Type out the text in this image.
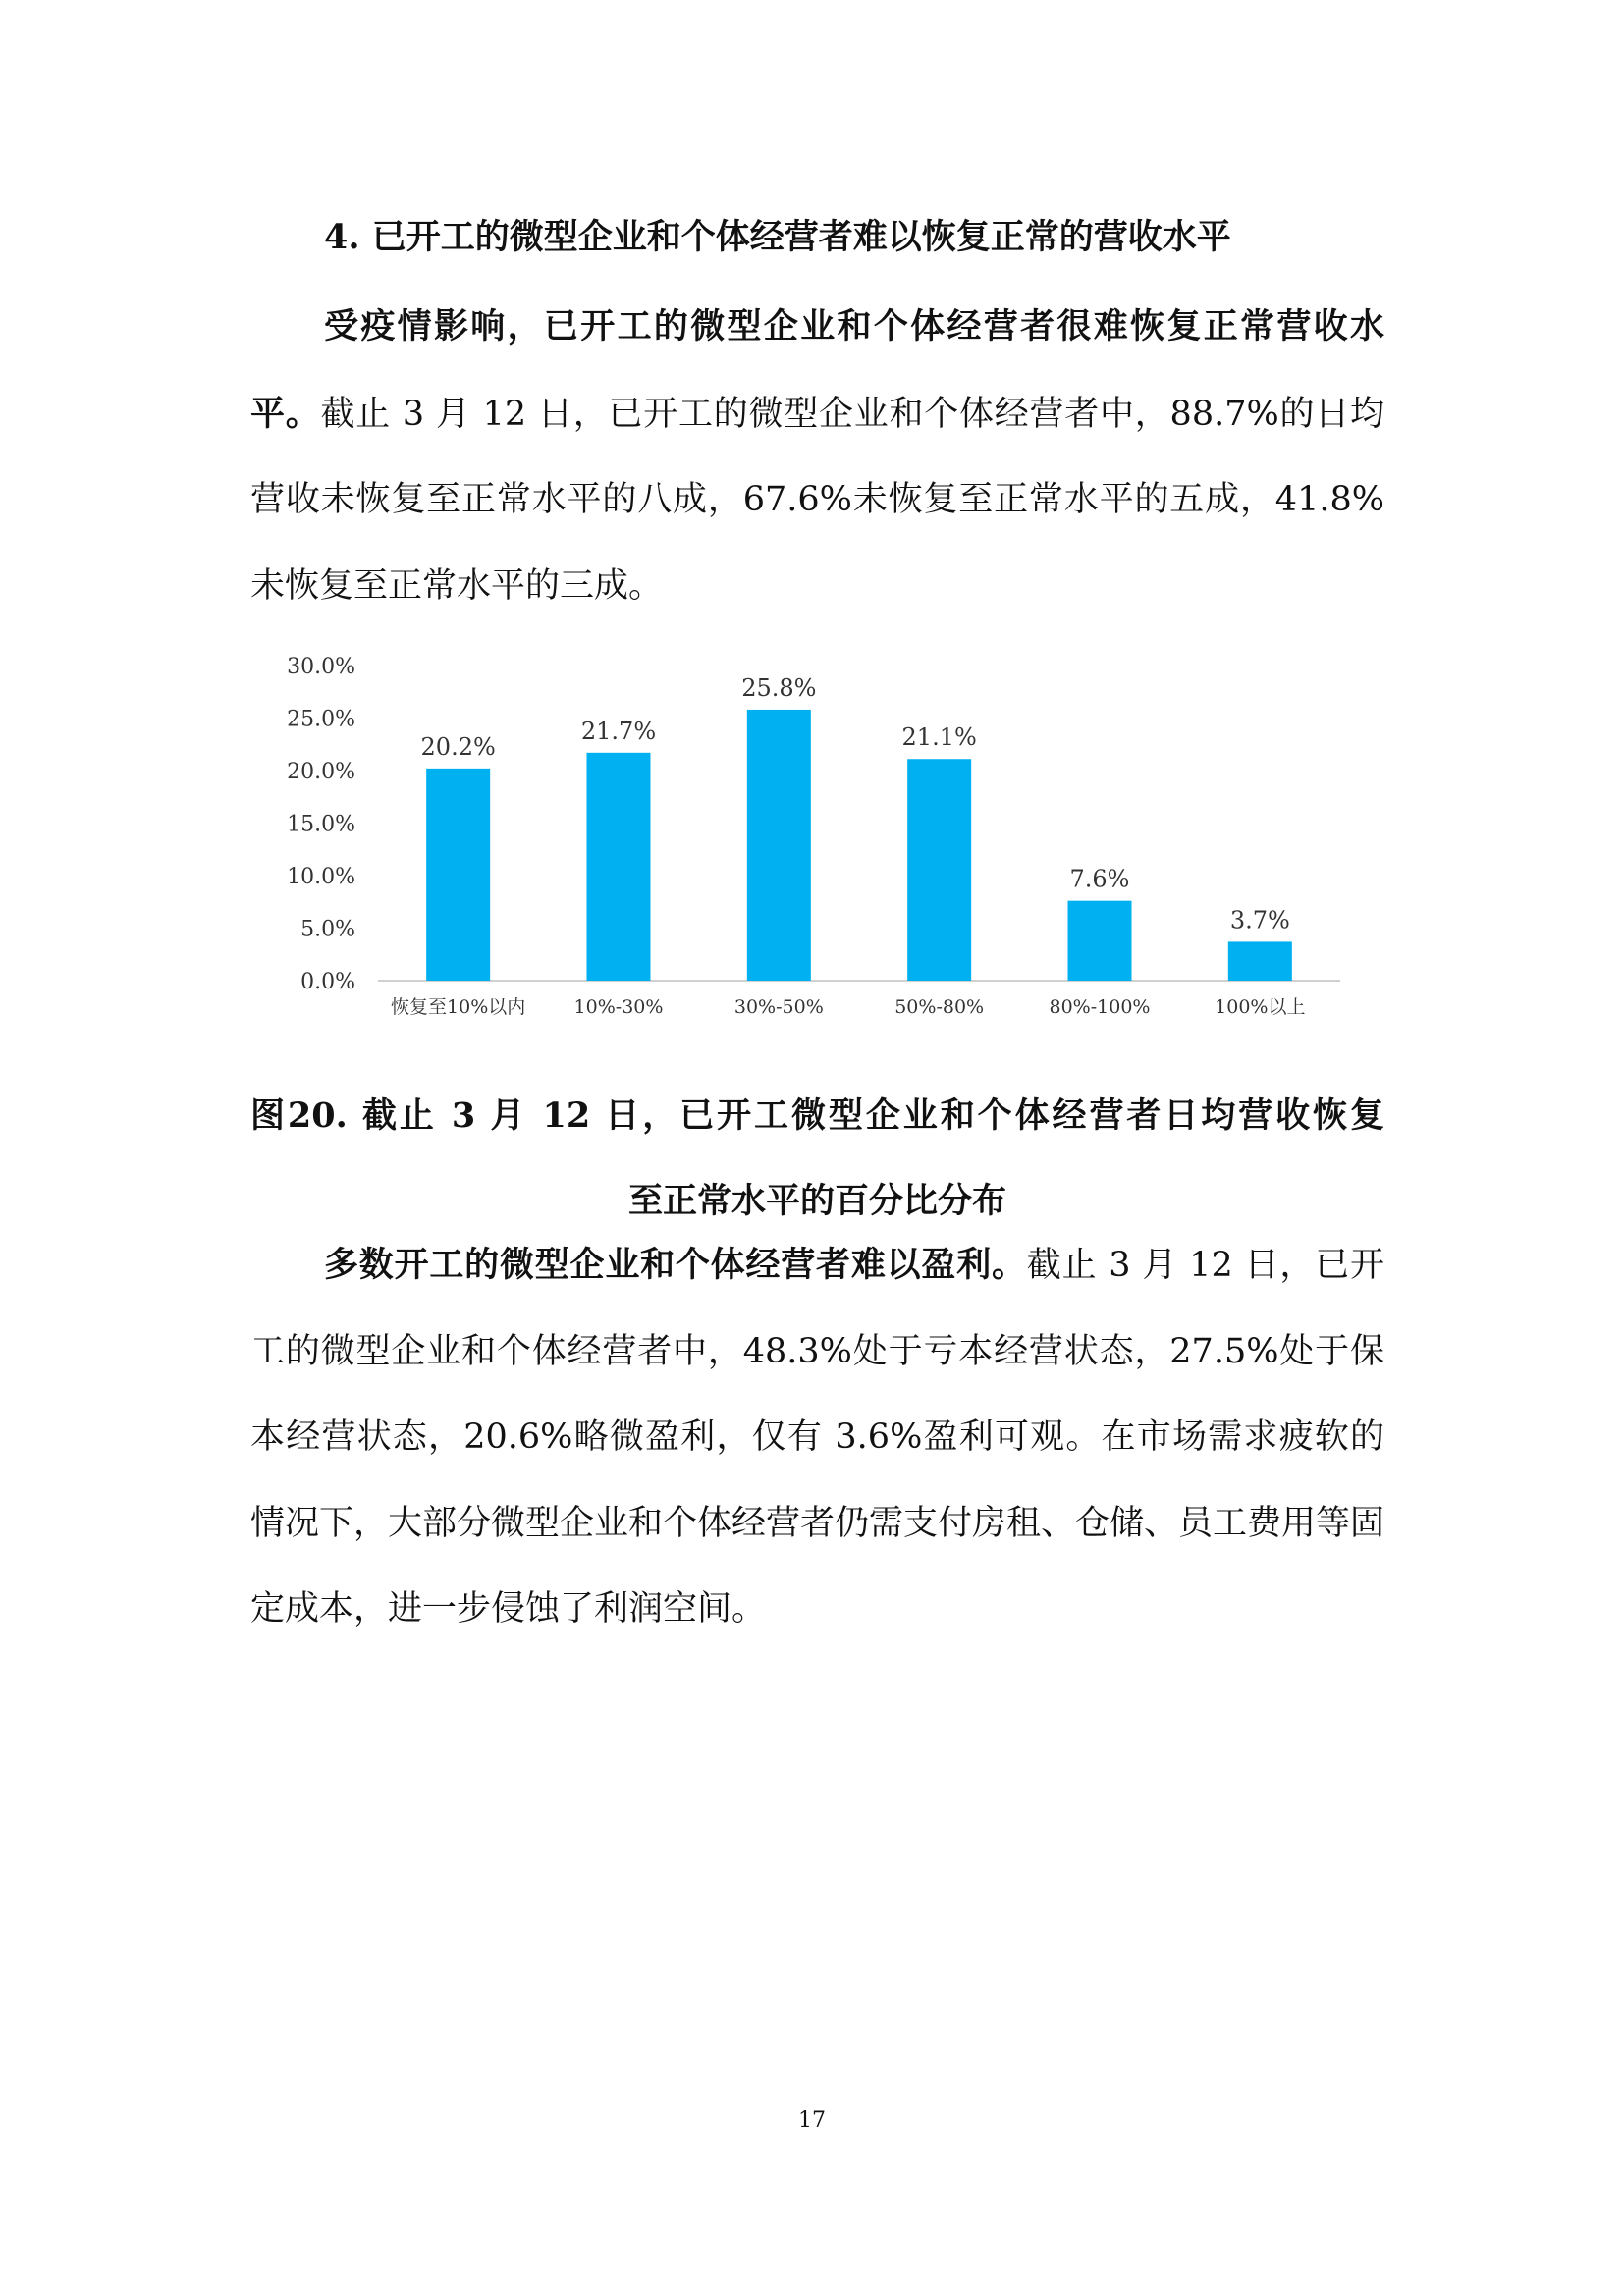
4. 已开工的微型企业和个体经营者难以恢复正常的营收水平

受疫情影响，已开工的微型企业和个体经营者很难恢复正常营收水平。截止 3 月 12 日，已开工的微型企业和个体经营者中，88.7%的日均营收未恢复至正常水平的八成，67.6%未恢复至正常水平的五成，41.8%未恢复至正常水平的三成。

0.0%
5.0%
10.0%
15.0%
20.0%
25.0%
30.0%
20.2%
21.7%
25.8%
21.1%
7.6%
3.7%
恢复至10%以内	10%-30%	30%-50%	50%-80%	80%-100%	100%以上
图20. 截止 3 月 12 日，已开工微型企业和个体经营者日均营收恢复
至正常水平的百分比分布

多数开工的微型企业和个体经营者难以盈利。截止 3 月 12 日，已开工的微型企业和个体经营者中，48.3%处于亏本经营状态，27.5%处于保本经营状态，20.6%略微盈利，仅有 3.6%盈利可观。在市场需求疲软的情况下，大部分微型企业和个体经营者仍需支付房租、仓储、员工费用等固定成本，进一步侵蚀了利润空间。

17
